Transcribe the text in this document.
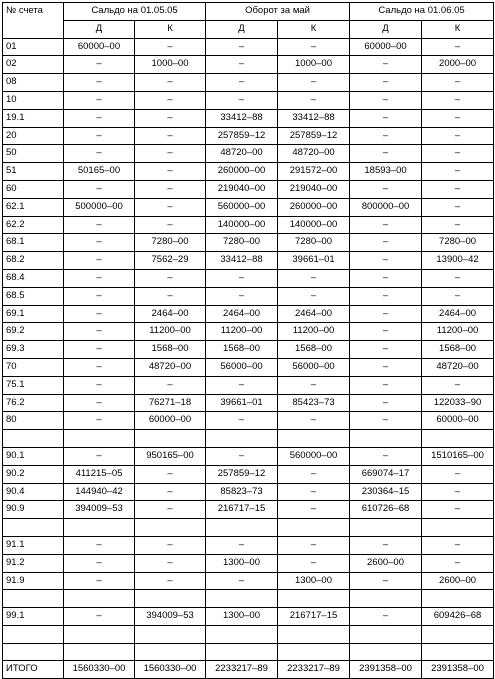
№ счета	Сальдо на 01.05.05		Оборот за май		Сальдо на 01.06.05	
	Д	К	Д	К	Д	К
01	60000–00	–	–	–	60000–00	–
02	–	1000–00	–	1000–00	–	2000–00
08	–	–	–	–	–	–
10	–	–	–	–	–	–
19.1	–	–	33412–88	33412–88	–	–
20	–	–	257859–12	257859–12	–	–
50	–	–	48720–00	48720–00	–	–
51	50165–00	–	260000–00	291572–00	18593–00	–
60	–	–	219040–00	219040–00	–	–
62.1	500000–00	–	560000–00	260000–00	800000–00	–
62.2	–	–	140000–00	140000–00	–	–
68.1	–	7280–00	7280–00	7280–00	–	7280–00
68.2	–	7562–29	33412–88	39661–01	–	13900–42
68.4	–	–	–	–	–	–
68.5	–	–	–	–	–	–
69.1	–	2464–00	2464–00	2464–00	–	2464–00
69.2	–	11200–00	11200–00	11200–00	–	11200–00
69.3	–	1568–00	1568–00	1568–00	–	1568–00
70	–	48720–00	56000–00	56000–00	–	48720–00
75.1	–	–	–	–	–	–
76.2	–	76271–18	39661–01	85423–73	–	122033–90
80	–	60000–00	–	–	–	60000–00

90.1	–	950165–00	–	560000–00	–	1510165–00
90.2	411215–05	–	257859–12	–	669074–17	–
90.4	144940–42	–	85823–73	–	230364–15	–
90.9	394009–53	–	216717–15	–	610726–68	–

91.1	–	–	–	–	–	–
91.2	–	–	1300–00	–	2600–00	–
91.9	–	–	–	1300–00	–	2600–00

99.1	–	394009–53	1300–00	216717–15	–	609426–68

ИТОГО	1560330–00	1560330–00	2233217–89	2233217–89	2391358–00	2391358–00
